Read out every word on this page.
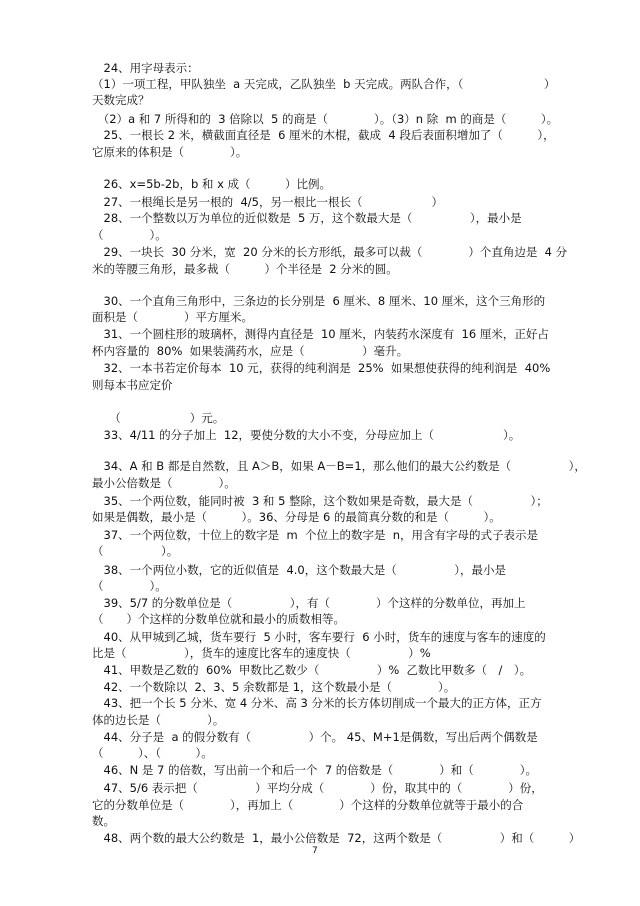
　24、用字母表示：
（1）一项工程，甲队独坐  a 天完成，乙队独坐  b 天完成。两队合作，（　　　　　　　）
天数完成？
　（2）a 和 7 所得和的  3 倍除以  5 的商是（　　　　）。（3）n 除  m 的商是（　　　）。
　25、一根长 2 米，横截面直径是  6 厘米的木棍，截成  4 段后表面积增加了（　　　），
它原来的体积是（　　　　）。
　26、x=5b-2b，b 和 x 成（　　　）比例。
　27、一根绳长是另一根的  4/5，另一根比一根长（　　　　　　）
　28、一个整数以万为单位的近似数是  5 万，这个数最大是（　　　　　），最小是
（　　　　）。
　29、一块长  30 分米，宽  20 分米的长方形纸，最多可以裁（　　　　）个直角边是  4 分
米的等腰三角形，最多裁（　　　）个半径是  2 分米的圆。
　30、一个直角三角形中，三条边的长分别是  6 厘米、8 厘米、10 厘米，这个三角形的
面积是（　　　　）平方厘米。
　31、一个圆柱形的玻璃杯，测得内直径是  10 厘米，内装药水深度有  16 厘米，正好占
杯内容量的  80%  如果装满药水，应是（　　　　　）毫升。
　32、一本书若定价每本  10 元，获得的纯利润是  25%  如果想使获得的纯利润是  40%
则每本书应定价
　　（　　　　　　）元。
　33、4/11 的分子加上  12，要使分数的大小不变，分母应加上（　　　　　　）。
　34、A 和 B 都是自然数，且 A＞B，如果 A－B=1，那么他们的最大公约数是（　　　　　），
最小公倍数是（　　　　）。
　35、一个两位数，能同时被  3 和 5 整除，这个数如果是奇数，最大是（　　　　　）；
如果是偶数，最小是（　　　）。36、分母是 6 的最简真分数的和是（　　　）。
　37、一个两位数，十位上的数字是  m  个位上的数字是  n，用含有字母的式子表示是
（　　　　　）。
　38、一个两位小数，它的近似值是  4.0，这个数最大是（　　　　　），最小是
（　　　　）。
　39、5/7 的分数单位是（　　　　　），有（　　　　）个这样的分数单位，再加上
（　　）个这样的分数单位就和最小的质数相等。
　40、从甲城到乙城，货车要行  5 小时，客车要行  6 小时，货车的速度与客车的速度的
比是（　　　　　），货车的速度比客车的速度快（　　　　　）%
　41、甲数是乙数的  60%  甲数比乙数少（　　　　　）%  乙数比甲数多（　/　）。
　42、一个数除以  2、3、5 余数都是 1，这个数最小是（　　　　）。
　43、把一个长 5 分米、宽 4 分米、高 3 分米的长方体切削成一个最大的正方体，正方
体的边长是（　　　　）。
　44、分子是  a 的假分数有（　　　　　）个。 45、M+1是偶数，写出后两个偶数是
（　　　）、（　　　）。
　46、N 是 7 的倍数，写出前一个和后一个  7 的倍数是（　　　　）和（　　　　）。
　47、5/6 表示把（　　　　　）平均分成（　　　　）份，取其中的（　　　　）份，
它的分数单位是（　　　　），再加上（　　　　）个这样的分数单位就等于最小的合
数。
　48、两个数的最大公约数是  1，最小公倍数是  72，这两个数是（　　　　　）和（　　　）
7
